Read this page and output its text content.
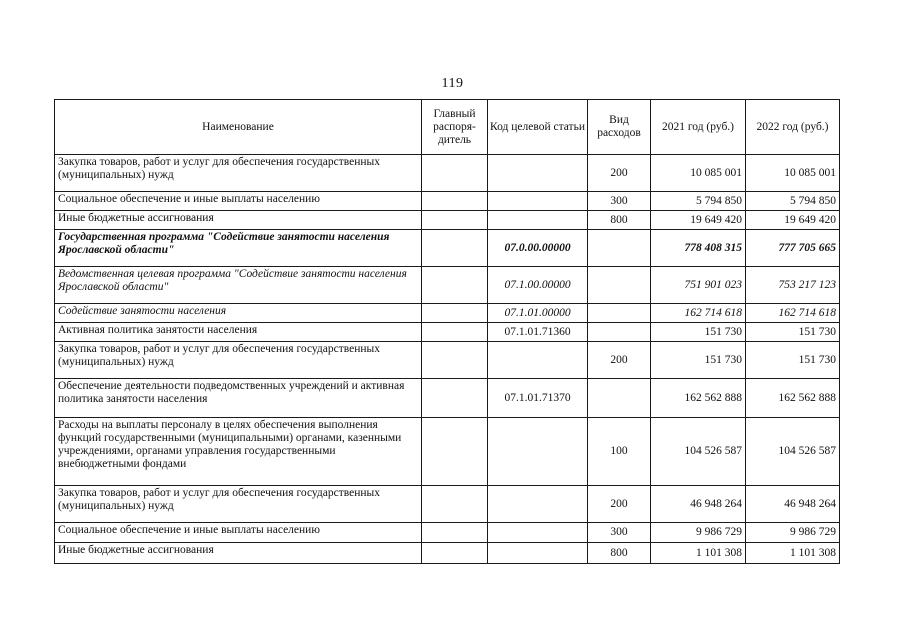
119
Наименование	Главный распоря-дитель	Код целевой статьи	Вид расходов	2021 год (руб.)	2022 год (руб.)
Закупка товаров, работ и услуг для обеспечения государственных (муниципальных) нужд			200	10 085 001	10 085 001
Социальное обеспечение и иные выплаты населению			300	5 794 850	5 794 850
Иные бюджетные ассигнования			800	19 649 420	19 649 420
Государственная программа "Содействие занятости населения Ярославской области"		07.0.00.00000		778 408 315	777 705 665
Ведомственная целевая программа "Содействие занятости населения Ярославской области"		07.1.00.00000		751 901 023	753 217 123
Содействие занятости населения		07.1.01.00000		162 714 618	162 714 618
Активная политика занятости населения		07.1.01.71360		151 730	151 730
Закупка товаров, работ и услуг для обеспечения государственных (муниципальных) нужд			200	151 730	151 730
Обеспечение деятельности подведомственных учреждений и активная политика занятости населения		07.1.01.71370		162 562 888	162 562 888
Расходы на выплаты персоналу в целях обеспечения выполнения функций государственными (муниципальными) органами, казенными учреждениями, органами управления государственными внебюджетными фондами			100	104 526 587	104 526 587
Закупка товаров, работ и услуг для обеспечения государственных (муниципальных) нужд			200	46 948 264	46 948 264
Социальное обеспечение и иные выплаты населению			300	9 986 729	9 986 729
Иные бюджетные ассигнования			800	1 101 308	1 101 308
